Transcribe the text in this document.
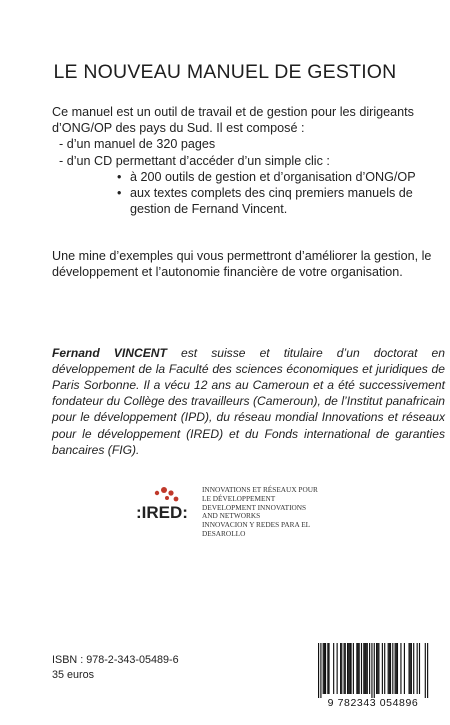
LE NOUVEAU MANUEL DE GESTION

Ce manuel est un outil de travail et de gestion pour les dirigeants

d’ONG/OP des pays du Sud. Il est composé :

- d’un manuel de 320 pages
- d’un CD permettant d’accéder d’un simple clic :
• à 200 outils de gestion et d’organisation d’ONG/OP
• aux textes complets des cinq premiers manuels de gestion de Fernand Vincent.

Une mine d’exemples qui vous permettront d’améliorer la gestion, le développement et l’autonomie financière de votre organisation.

Fernand VINCENT est suisse et titulaire d’un doctorat en développement de la Faculté des sciences économiques et juridiques de Paris Sorbonne. Il a vécu 12 ans au Cameroun et a été successivement fondateur du Collège des travailleurs (Cameroun), de l’Institut panafricain pour le développement (IPD), du réseau mondial Innovations et réseaux pour le développement (IRED) et du Fonds international de garanties bancaires (FIG).

:IRED:
INNOVATIONS ET RÉSEAUX POUR
LE DÉVELOPPEMENT
DEVELOPMENT INNOVATIONS
AND NETWORKS
INNOVACION Y REDES PARA EL
DESAROLLO
ISBN : 978-2-343-05489-6
35 euros
9 782343 054896
